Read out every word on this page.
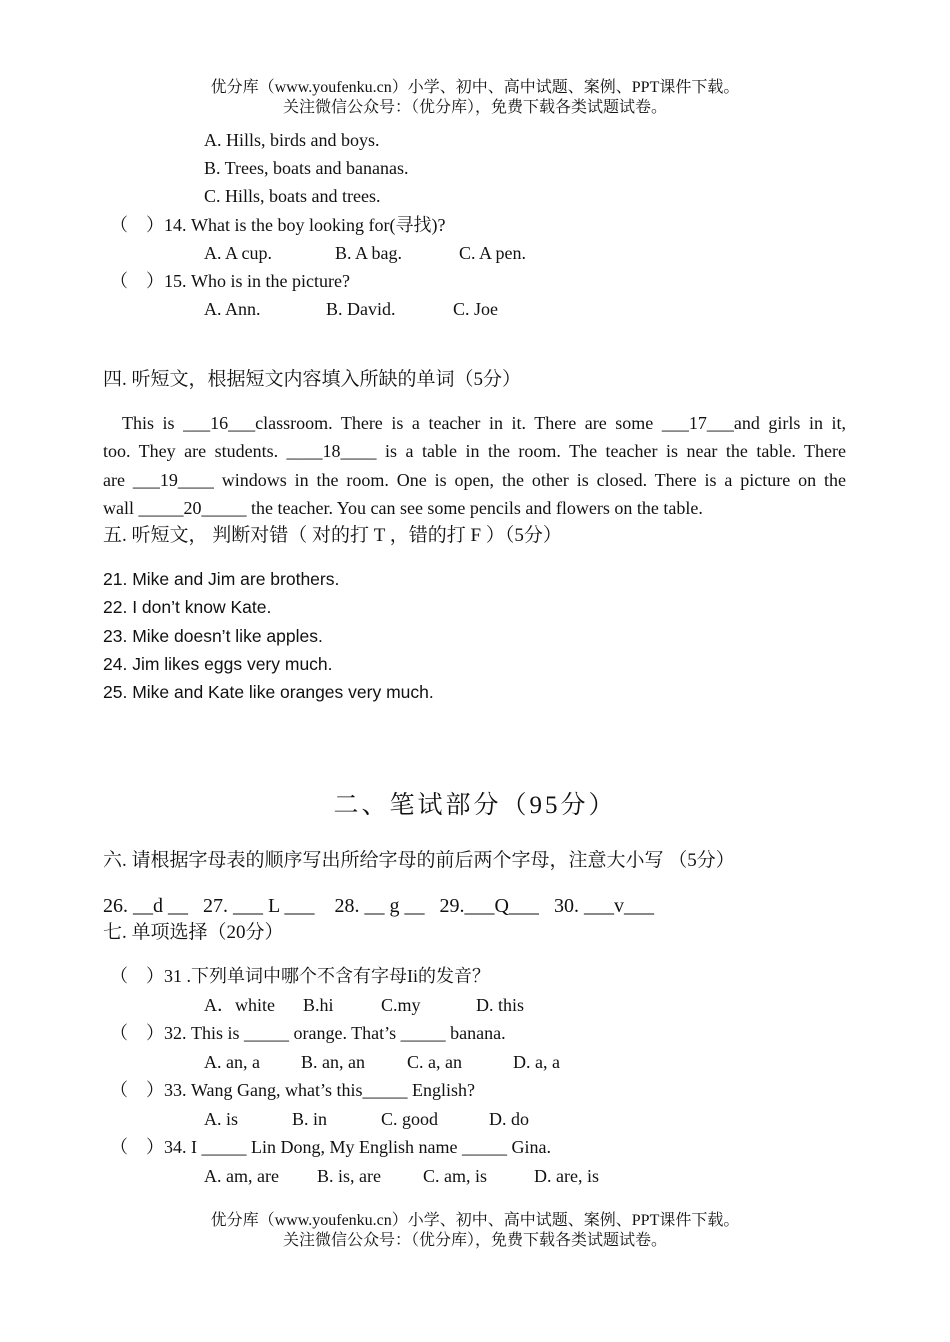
优分库（www.youfenku.cn）小学、初中、高中试题、案例、PPT课件下载。
关注微信公众号：（优分库），免费下载各类试题试卷。
A. Hills, birds and boys.
B. Trees, boats and bananas.
C. Hills, boats and trees.
（　）14. What is the boy looking for(寻找)?
A. A cup.	B. A bag.	C. A pen.
（　）15. Who is in the picture?
A. Ann.	B. David.	C. Joe
四. 听短文，根据短文内容填入所缺的单词（5分）
This is ___16___classroom. There is a teacher in it. There are some ___17___and girls in it,
too. They are students. ____18____ is a table in the room. The teacher is near the table. There
are ___19____ windows in the room. One is open, the other is closed. There is a picture on the
wall _____20_____ the teacher. You can see some pencils and flowers on the table.
五. 听短文， 判断对错（ 对的打 T ，错的打 F ）（5分）
21. Mike and Jim are brothers.
22. I don’t know Kate.
23. Mike doesn’t like apples.
24. Jim likes eggs very much.
25. Mike and Kate like oranges very much.
二、笔试部分（95分）
六. 请根据字母表的顺序写出所给字母的前后两个字母，注意大小写 （5分）
26. __d __ 27. ___ L ___ 28. __ g __ 29.___Q___ 30. ___v___
七. 单项选择（20分）
（　）31 .下列单词中哪个不含有字母Ii的发音？
A．white B.hi	C.my	D. this
（　）32. This is _____ orange. That’s _____ banana.
A. an, a B. an, an C. a, an	D. a, a
（　）33. Wang Gang, what’s this_____ English?
A. is	B. in	C. good	D. do
（　）34. I _____ Lin Dong, My English name _____ Gina.
A. am, are B. is, are C. am, is	D. are, is
优分库（www.youfenku.cn）小学、初中、高中试题、案例、PPT课件下载。
关注微信公众号：（优分库），免费下载各类试题试卷。
